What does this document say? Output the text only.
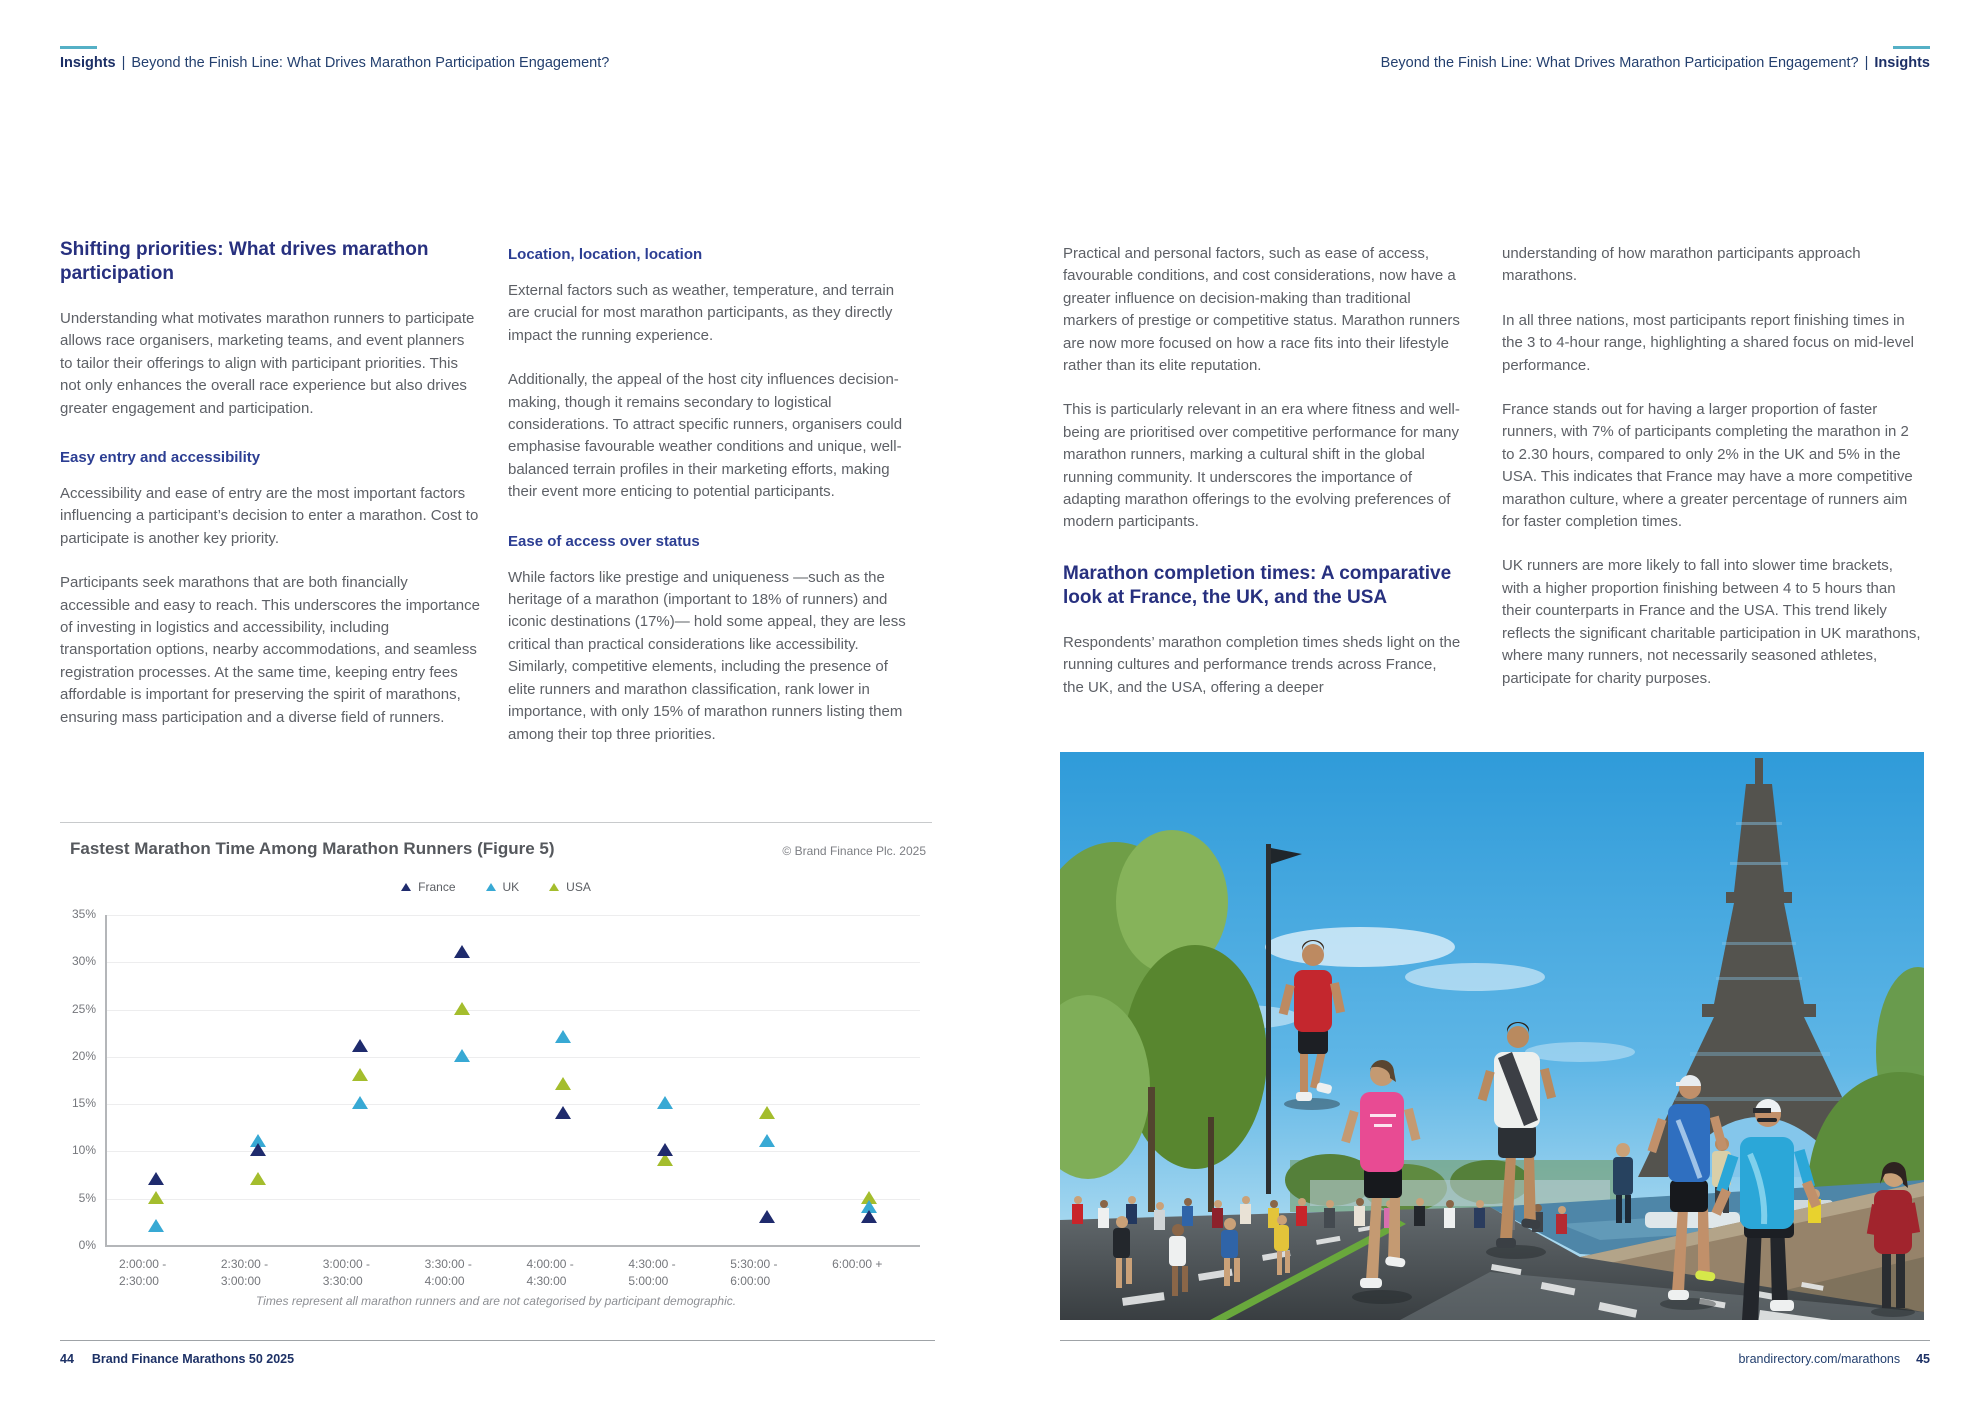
Insights | Beyond the Finish Line: What Drives Marathon Participation Engagement?	Beyond the Finish Line: What Drives Marathon Participation Engagement? | Insights
Shifting priorities: What drives marathon participation

Understanding what motivates marathon runners to participate allows race organisers, marketing teams, and event planners to tailor their offerings to align with participant priorities. This not only enhances the overall race experience but also drives greater engagement and participation.

Easy entry and accessibility

Accessibility and ease of entry are the most important factors influencing a participant’s decision to enter a marathon. Cost to participate is another key priority.

Participants seek marathons that are both financially accessible and easy to reach. This underscores the importance of investing in logistics and accessibility, including transportation options, nearby accommodations, and seamless registration processes. At the same time, keeping entry fees affordable is important for preserving the spirit of marathons, ensuring mass participation and a diverse field of runners.

Location, location, location

External factors such as weather, temperature, and terrain are crucial for most marathon participants, as they directly impact the running experience.

Additionally, the appeal of the host city influences decision-making, though it remains secondary to logistical considerations. To attract specific runners, organisers could emphasise favourable weather conditions and unique, well-balanced terrain profiles in their marketing efforts, making their event more enticing to potential participants.

Ease of access over status

While factors like prestige and uniqueness —such as the heritage of a marathon (important to 18% of runners) and iconic destinations (17%)— hold some appeal, they are less critical than practical considerations like accessibility. Similarly, competitive elements, including the presence of elite runners and marathon classification, rank lower in importance, with only 15% of marathon runners listing them among their top three priorities.

Fastest Marathon Time Among Marathon Runners (Figure 5)	© Brand Finance Plc. 2025
France	UK	USA
Times represent all marathon runners and are not categorised by participant demographic.
0%
5%
10%
15%
20%
25%
30%
35%
2:00:00 -
2:30:00
2:30:00 -
3:00:00
3:00:00 -
3:30:00
3:30:00 -
4:00:00
4:00:00 -
4:30:00
4:30:00 -
5:00:00
5:30:00 -
6:00:00
6:00:00 +

Practical and personal factors, such as ease of access, favourable conditions, and cost considerations, now have a greater influence on decision-making than traditional markers of prestige or competitive status. Marathon runners are now more focused on how a race fits into their lifestyle rather than its elite reputation.

This is particularly relevant in an era where fitness and well-being are prioritised over competitive performance for many marathon runners, marking a cultural shift in the global running community. It underscores the importance of adapting marathon offerings to the evolving preferences of modern participants.

Marathon completion times: A comparative look at France, the UK, and the USA

Respondents’ marathon completion times sheds light on the running cultures and performance trends across France, the UK, and the USA, offering a deeper

understanding of how marathon participants approach marathons.

In all three nations, most participants report finishing times in the 3 to 4-hour range, highlighting a shared focus on mid-level performance.

France stands out for having a larger proportion of faster runners, with 7% of participants completing the marathon in 2 to 2.30 hours, compared to only 2% in the UK and 5% in the USA. This indicates that France may have a more competitive marathon culture, where a greater percentage of runners aim for faster completion times.

UK runners are more likely to fall into slower time brackets, with a higher proportion finishing between 4 to 5 hours than their counterparts in France and the USA. This trend likely reflects the significant charitable participation in UK marathons, where many runners, not necessarily seasoned athletes, participate for charity purposes.

44 Brand Finance Marathons 50 2025	brandirectory.com/marathons 45
